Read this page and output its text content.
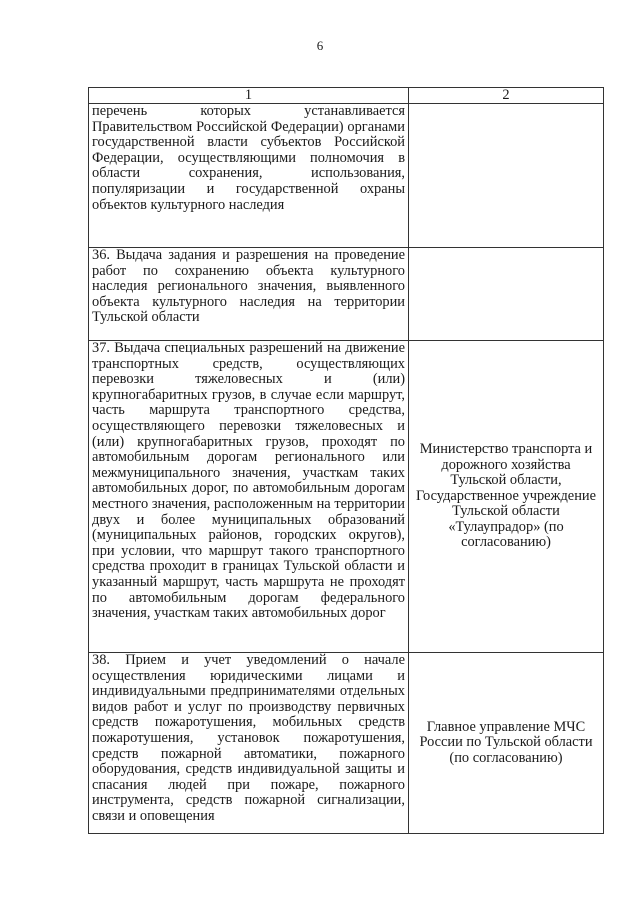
6
1	2
перечень которых устанавливается Правительством Российской Федерации) органами государственной власти субъектов Российской Федерации, осуществляющими полномочия в области сохранения, использования, популяризации и государственной охраны объектов культурного наследия	
36. Выдача задания и разрешения на проведение работ по сохранению объекта культурного наследия регионального значения, выявленного объекта культурного наследия на территории Тульской области	
37. Выдача специальных разрешений на движение транспортных средств, осуществляющих перевозки тяжеловесных и (или) крупногабаритных грузов, в случае если маршрут, часть маршрута транспортного средства, осуществляющего перевозки тяжеловесных и (или) крупногабаритных грузов, проходят по автомобильным дорогам регионального или межмуниципального значения, участкам таких автомобильных дорог, по автомобильным дорогам местного значения, расположенным на территории двух и более муниципальных образований (муниципальных районов, городских округов), при условии, что маршрут такого транспортного средства проходит в границах Тульской области и указанный маршрут, часть маршрута не проходят по автомобильным дорогам федерального значения, участкам таких автомобильных дорог	Министерство транспорта и дорожного хозяйства Тульской области, Государственное учреждение Тульской области «Тулаупрадор» (по согласованию)
38. Прием и учет уведомлений о начале осуществления юридическими лицами и индивидуальными предпринимателями отдельных видов работ и услуг по производству первичных средств пожаротушения, мобильных средств пожаротушения, установок пожаротушения, средств пожарной автоматики, пожарного оборудования, средств индивидуальной защиты и спасания людей при пожаре, пожарного инструмента, средств пожарной сигнализации, связи и оповещения	Главное управление МЧС России по Тульской области (по согласованию)
